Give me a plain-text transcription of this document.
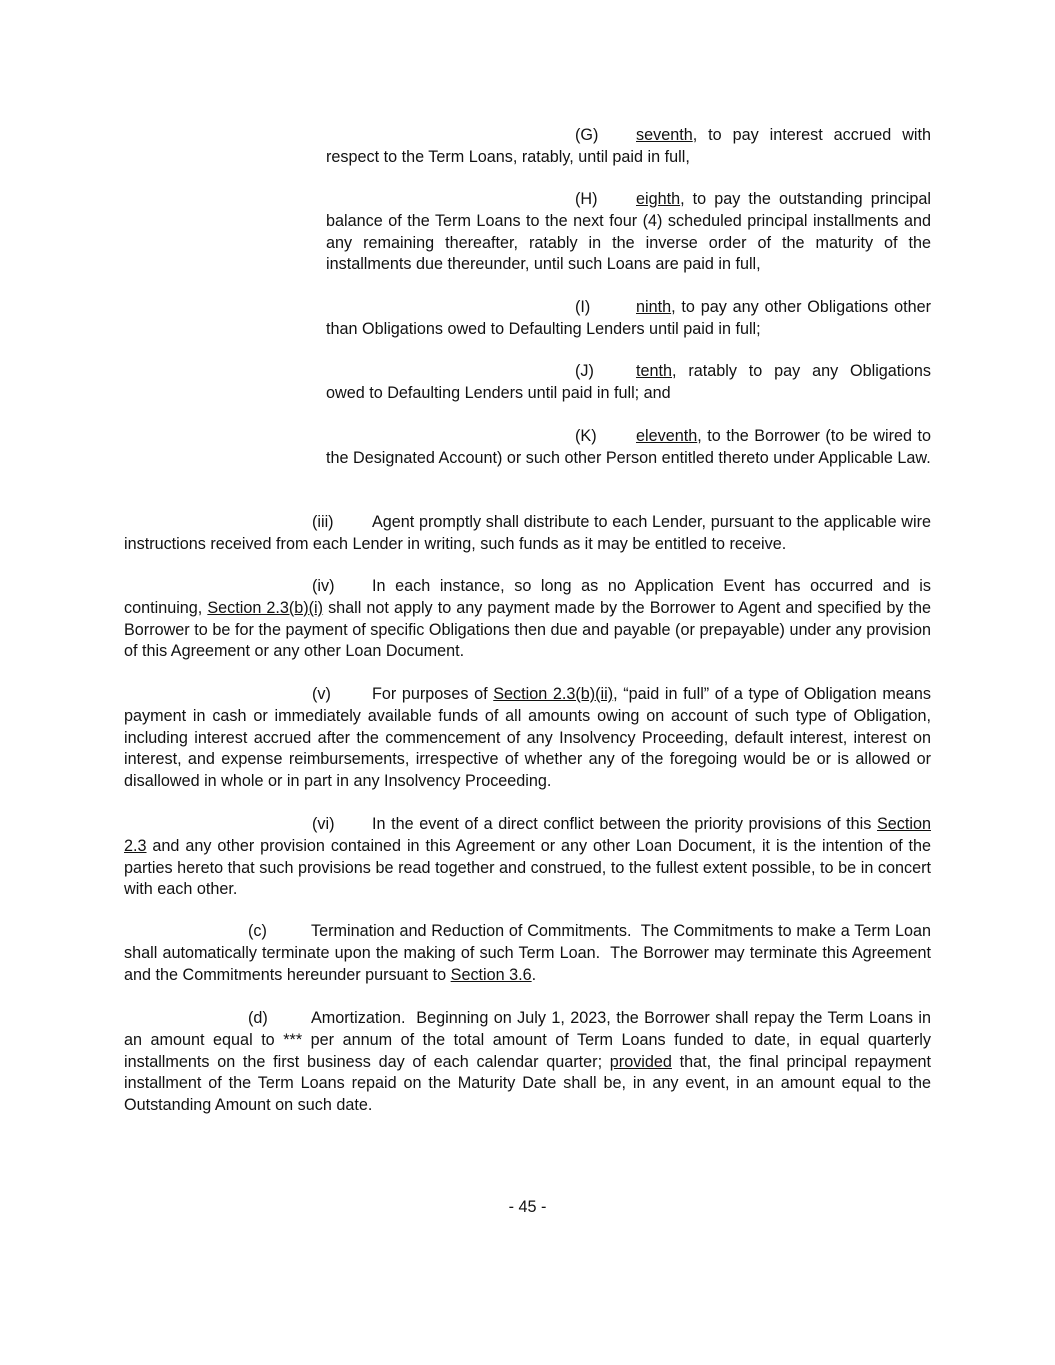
(G) seventh, to pay interest accrued with respect to the Term Loans, ratably, until paid in full,

(H) eighth, to pay the outstanding principal balance of the Term Loans to the next four (4) scheduled principal installments and any remaining thereafter, ratably in the inverse order of the maturity of the installments due thereunder, until such Loans are paid in full,

(I)	ninth, to pay any other Obligations other than Obligations owed to Defaulting Lenders until paid in full;

(J)	tenth, ratably to pay any Obligations owed to Defaulting Lenders until paid in full; and

(K) eleventh, to the Borrower (to be wired to the Designated Account) or such other Person entitled thereto under Applicable Law.

(iii) Agent promptly shall distribute to each Lender, pursuant to the applicable wire instructions received from each Lender in writing, such funds as it may be entitled to receive.

(iv) In each instance, so long as no Application Event has occurred and is continuing, Section 2.3(b)(i) shall not apply to any payment made by the Borrower to Agent and specified by the Borrower to be for the payment of specific Obligations then due and payable (or prepayable) under any provision of this Agreement or any other Loan Document.

(v)	For purposes of Section 2.3(b)(ii), “paid in full” of a type of Obligation means payment in cash or immediately available funds of all amounts owing on account of such type of Obligation, including interest accrued after the commencement of any Insolvency Proceeding, default interest, interest on interest, and expense reimbursements, irrespective of whether any of the foregoing would be or is allowed or disallowed in whole or in part in any Insolvency Proceeding.

(vi) In the event of a direct conflict between the priority provisions of this Section 2.3 and any other provision contained in this Agreement or any other Loan Document, it is the intention of the parties hereto that such provisions be read together and construed, to the fullest extent possible, to be in concert with each other.

(c)	Termination and Reduction of Commitments.  The Commitments to make a Term Loan shall automatically terminate upon the making of such Term Loan.  The Borrower may terminate this Agreement and the Commitments hereunder pursuant to Section 3.6.

(d)	Amortization.  Beginning on July 1, 2023, the Borrower shall repay the Term Loans in an amount equal to *** per annum of the total amount of Term Loans funded to date, in equal quarterly installments on the first business day of each calendar quarter; provided that, the final principal repayment installment of the Term Loans repaid on the Maturity Date shall be, in any event, in an amount equal to the Outstanding Amount on such date.

- 45 -
